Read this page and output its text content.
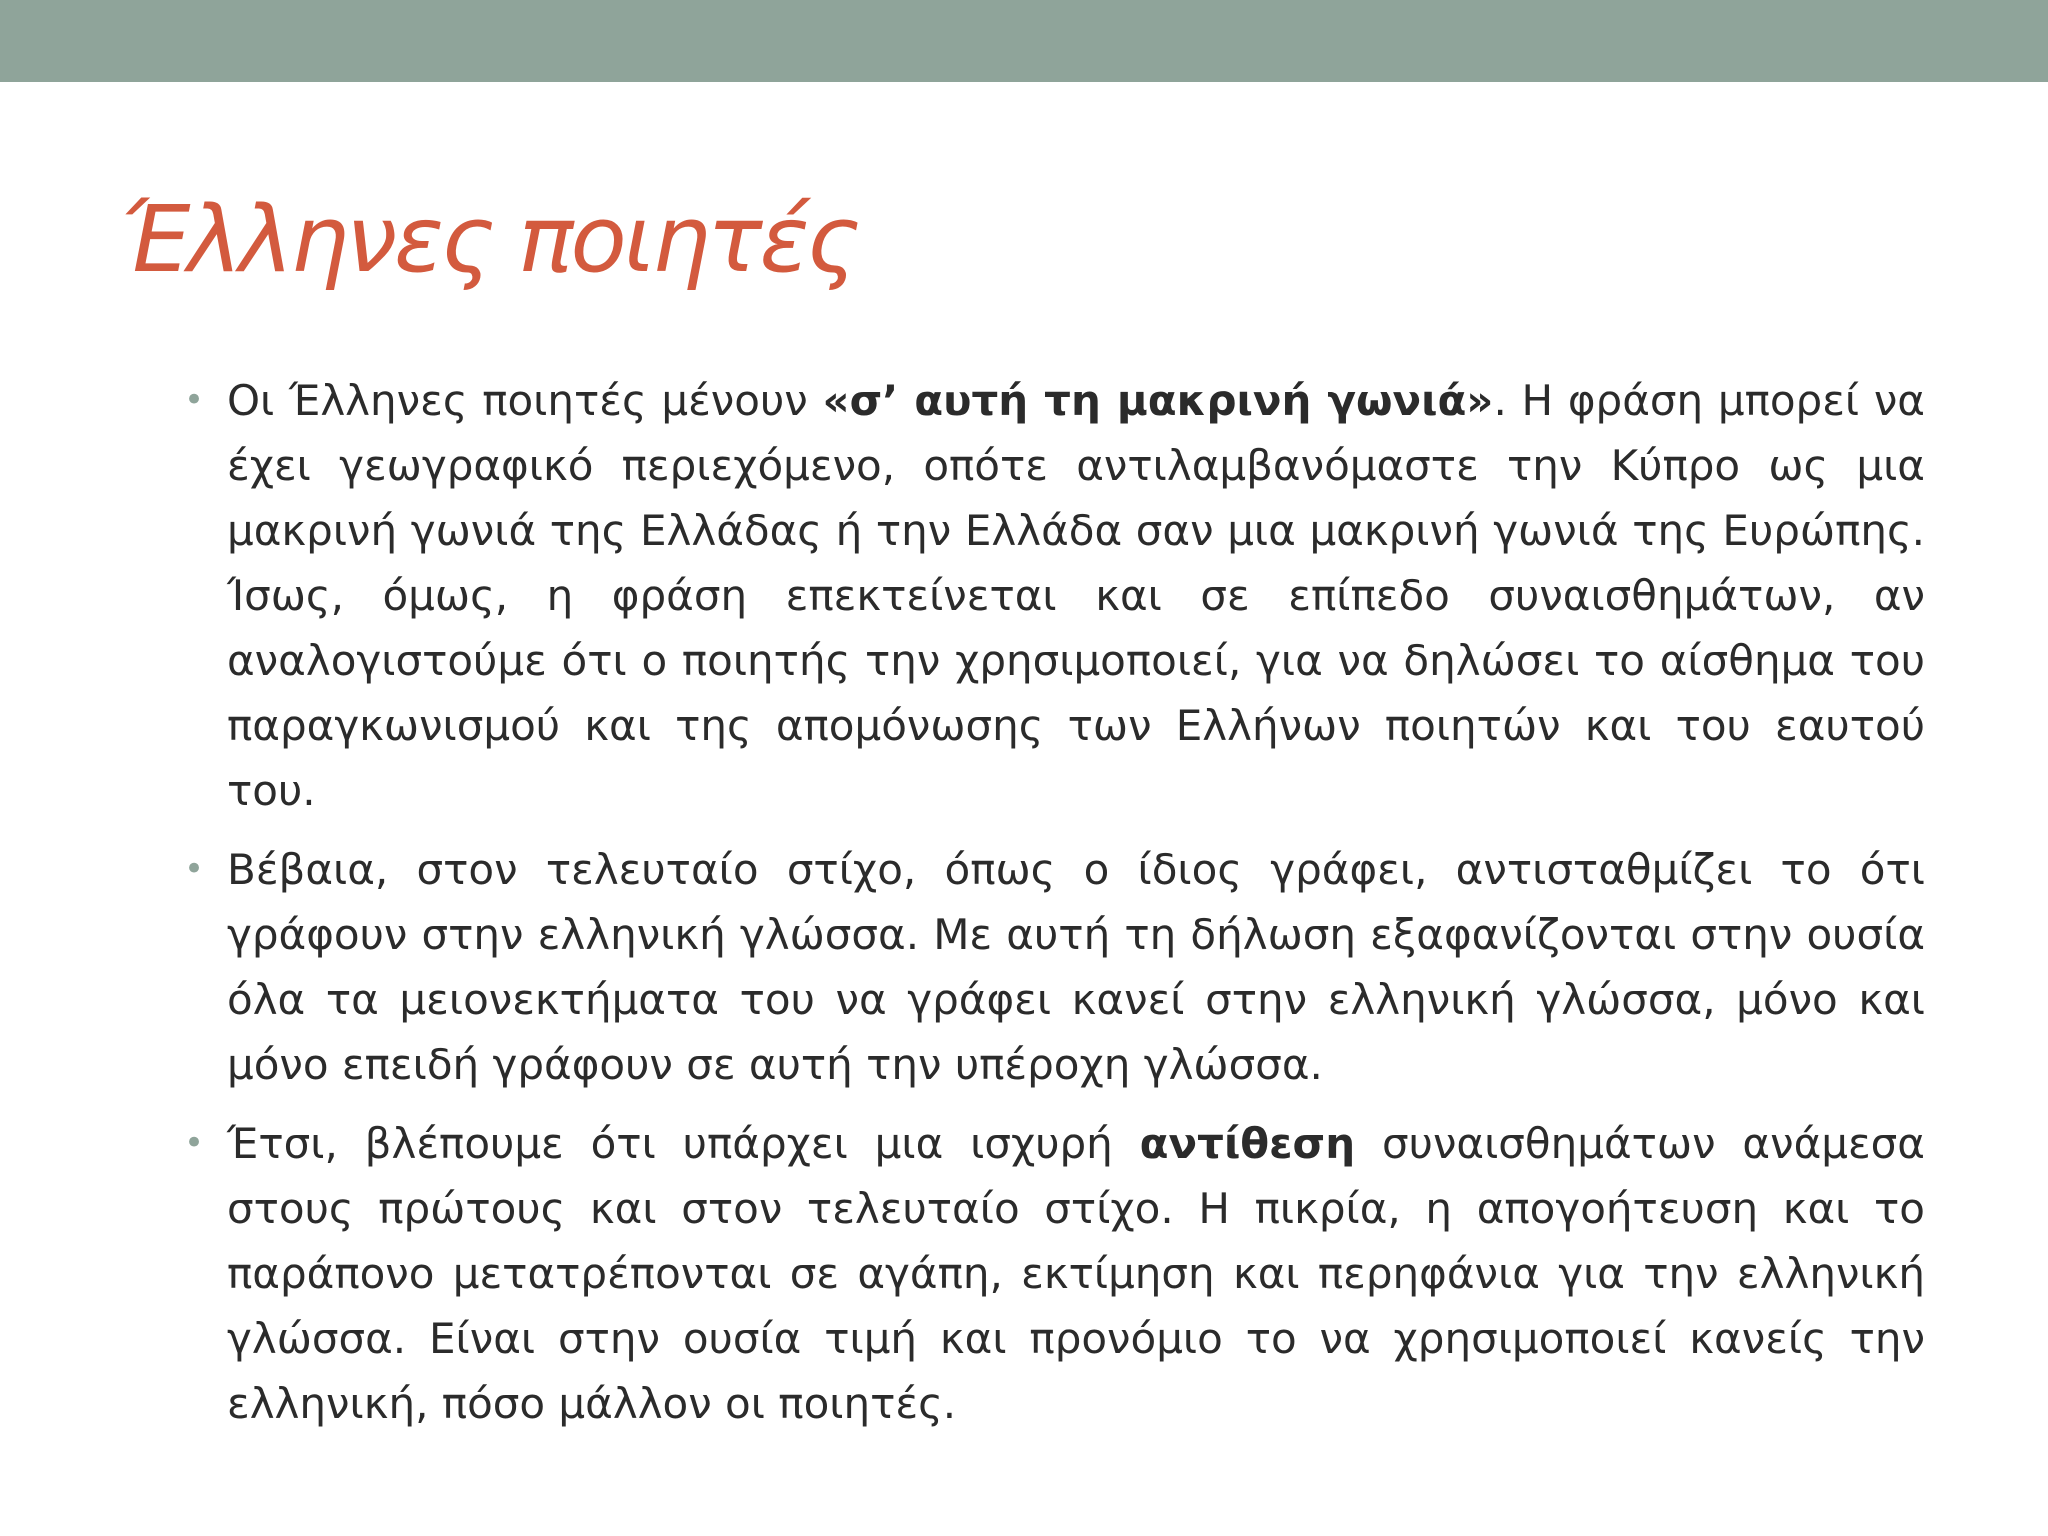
Έλληνες ποιητές
• Οι Έλληνες ποιητές μένουν «σ’ αυτή τη μακρινή γωνιά». Η φράση μπορεί να έχει γεωγραφικό περιεχόμενο, οπότε αντιλαμβανόμαστε την Κύπρο ως μια μακρινή γωνιά της Ελλάδας ή την Ελλάδα σαν μια μακρινή γωνιά της Ευρώπης. Ίσως, όμως, η φράση επεκτείνεται και σε επίπεδο συναισθημάτων, αν αναλογιστούμε ότι ο ποιητής την χρησιμοποιεί, για να δηλώσει το αίσθημα του παραγκωνισμού και της απομόνωσης των Ελλήνων ποιητών και του εαυτού του.
• Βέβαια, στον τελευταίο στίχο, όπως ο ίδιος γράφει, αντισταθμίζει το ότι γράφουν στην ελληνική γλώσσα. Με αυτή τη δήλωση εξαφανίζονται στην ουσία όλα τα μειονεκτήματα του να γράφει κανεί στην ελληνική γλώσσα, μόνο και μόνο επειδή γράφουν σε αυτή την υπέροχη γλώσσα.
• Έτσι, βλέπουμε ότι υπάρχει μια ισχυρή αντίθεση συναισθημάτων ανάμεσα στους πρώτους και στον τελευταίο στίχο. Η πικρία, η απογοήτευση και το παράπονο μετατρέπονται σε αγάπη, εκτίμηση και περηφάνια για την ελληνική γλώσσα. Είναι στην ουσία τιμή και προνόμιο το να χρησιμοποιεί κανείς την ελληνική, πόσο μάλλον οι ποιητές.
